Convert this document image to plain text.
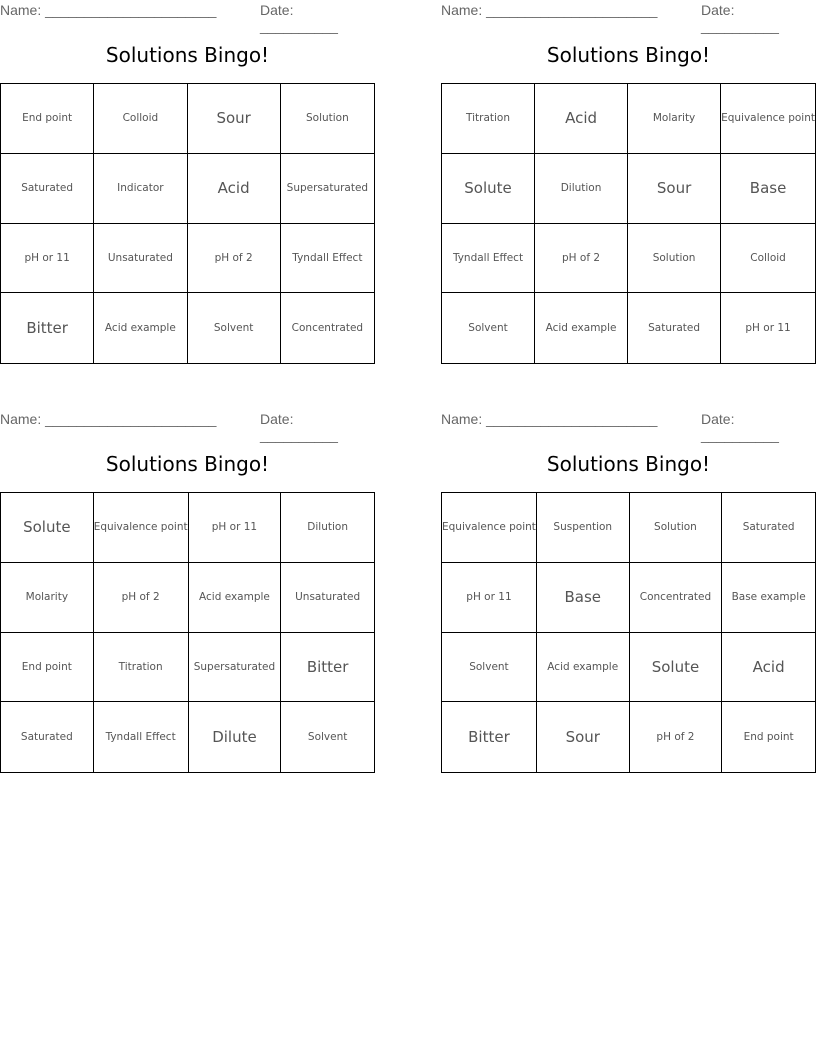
Name: ______________________	Date: __________
Solutions Bingo!
End point	Colloid	Sour	Solution
Saturated	Indicator	Acid	Supersaturated
pH or 11	Unsaturated	pH of 2	Tyndall Effect
Bitter	Acid example	Solvent	Concentrated
Name: ______________________	Date: __________
Solutions Bingo!
Titration	Acid	Molarity	Equivalence point
Solute	Dilution	Sour	Base
Tyndall Effect	pH of 2	Solution	Colloid
Solvent	Acid example	Saturated	pH or 11
Name: ______________________	Date: __________
Solutions Bingo!
Solute	Equivalence point	pH or 11	Dilution
Molarity	pH of 2	Acid example	Unsaturated
End point	Titration	Supersaturated	Bitter
Saturated	Tyndall Effect	Dilute	Solvent
Name: ______________________	Date: __________
Solutions Bingo!
Equivalence point	Suspention	Solution	Saturated
pH or 11	Base	Concentrated	Base example
Solvent	Acid example	Solute	Acid
Bitter	Sour	pH of 2	End point
